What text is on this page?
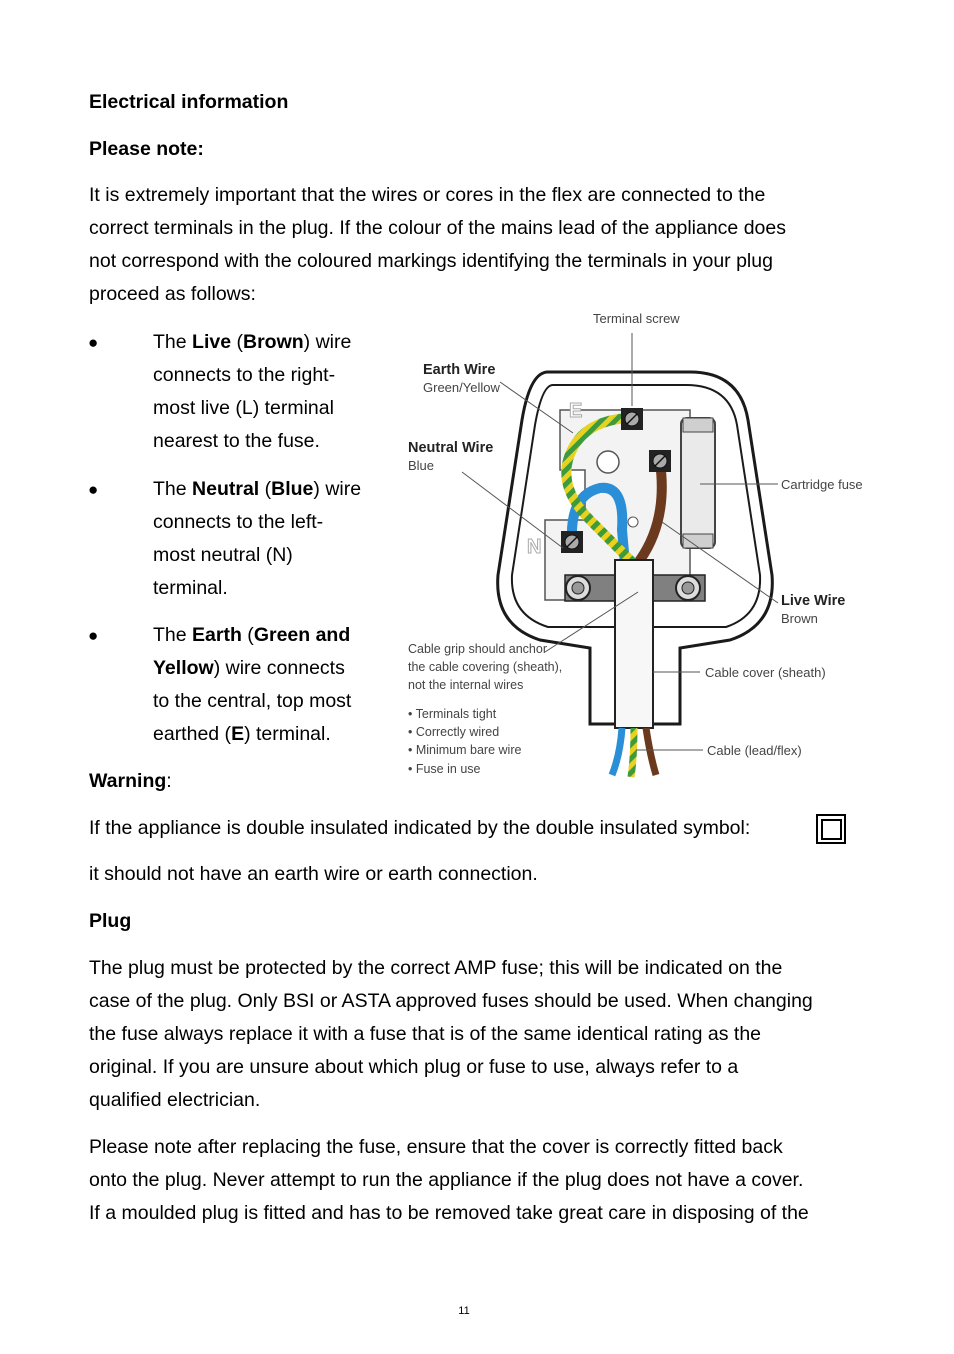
Electrical information
Please note:
It is extremely important that the wires or cores in the flex are connected to the
correct terminals in the plug. If the colour of the mains lead of the appliance does
not correspond with the coloured markings identifying the terminals in your plug
proceed as follows:
●	The Live (Brown) wire
connects to the right-
most live (L) terminal
nearest to the fuse.
●	The Neutral (Blue) wire
connects to the left-
most neutral (N)
terminal.
●	The Earth (Green and
Yellow) wire connects
to the central, top most
earthed (E) terminal.
Warning:
If the appliance is double insulated indicated by the double insulated symbol:
it should not have an earth wire or earth connection.
Plug
The plug must be protected by the correct AMP fuse; this will be indicated on the
case of the plug. Only BSI or ASTA approved fuses should be used. When changing
the fuse always replace it with a fuse that is of the same identical rating as the
original. If you are unsure about which plug or fuse to use, always refer to a
qualified electrician.
Please note after replacing the fuse, ensure that the cover is correctly fitted back
onto the plug. Never attempt to run the appliance if the plug does not have a cover.
If a moulded plug is fitted and has to be removed take great care in disposing of the
11
E
N
Terminal screw
Earth Wire
Green/Yellow
Neutral Wire
Blue
Cartridge fuse
Live Wire
Brown
Cable grip should anchor
the cable covering (sheath),
not the internal wires
Cable cover (sheath)
• Terminals tight
• Correctly wired
• Minimum bare wire
• Fuse in use
Cable (lead/flex)
